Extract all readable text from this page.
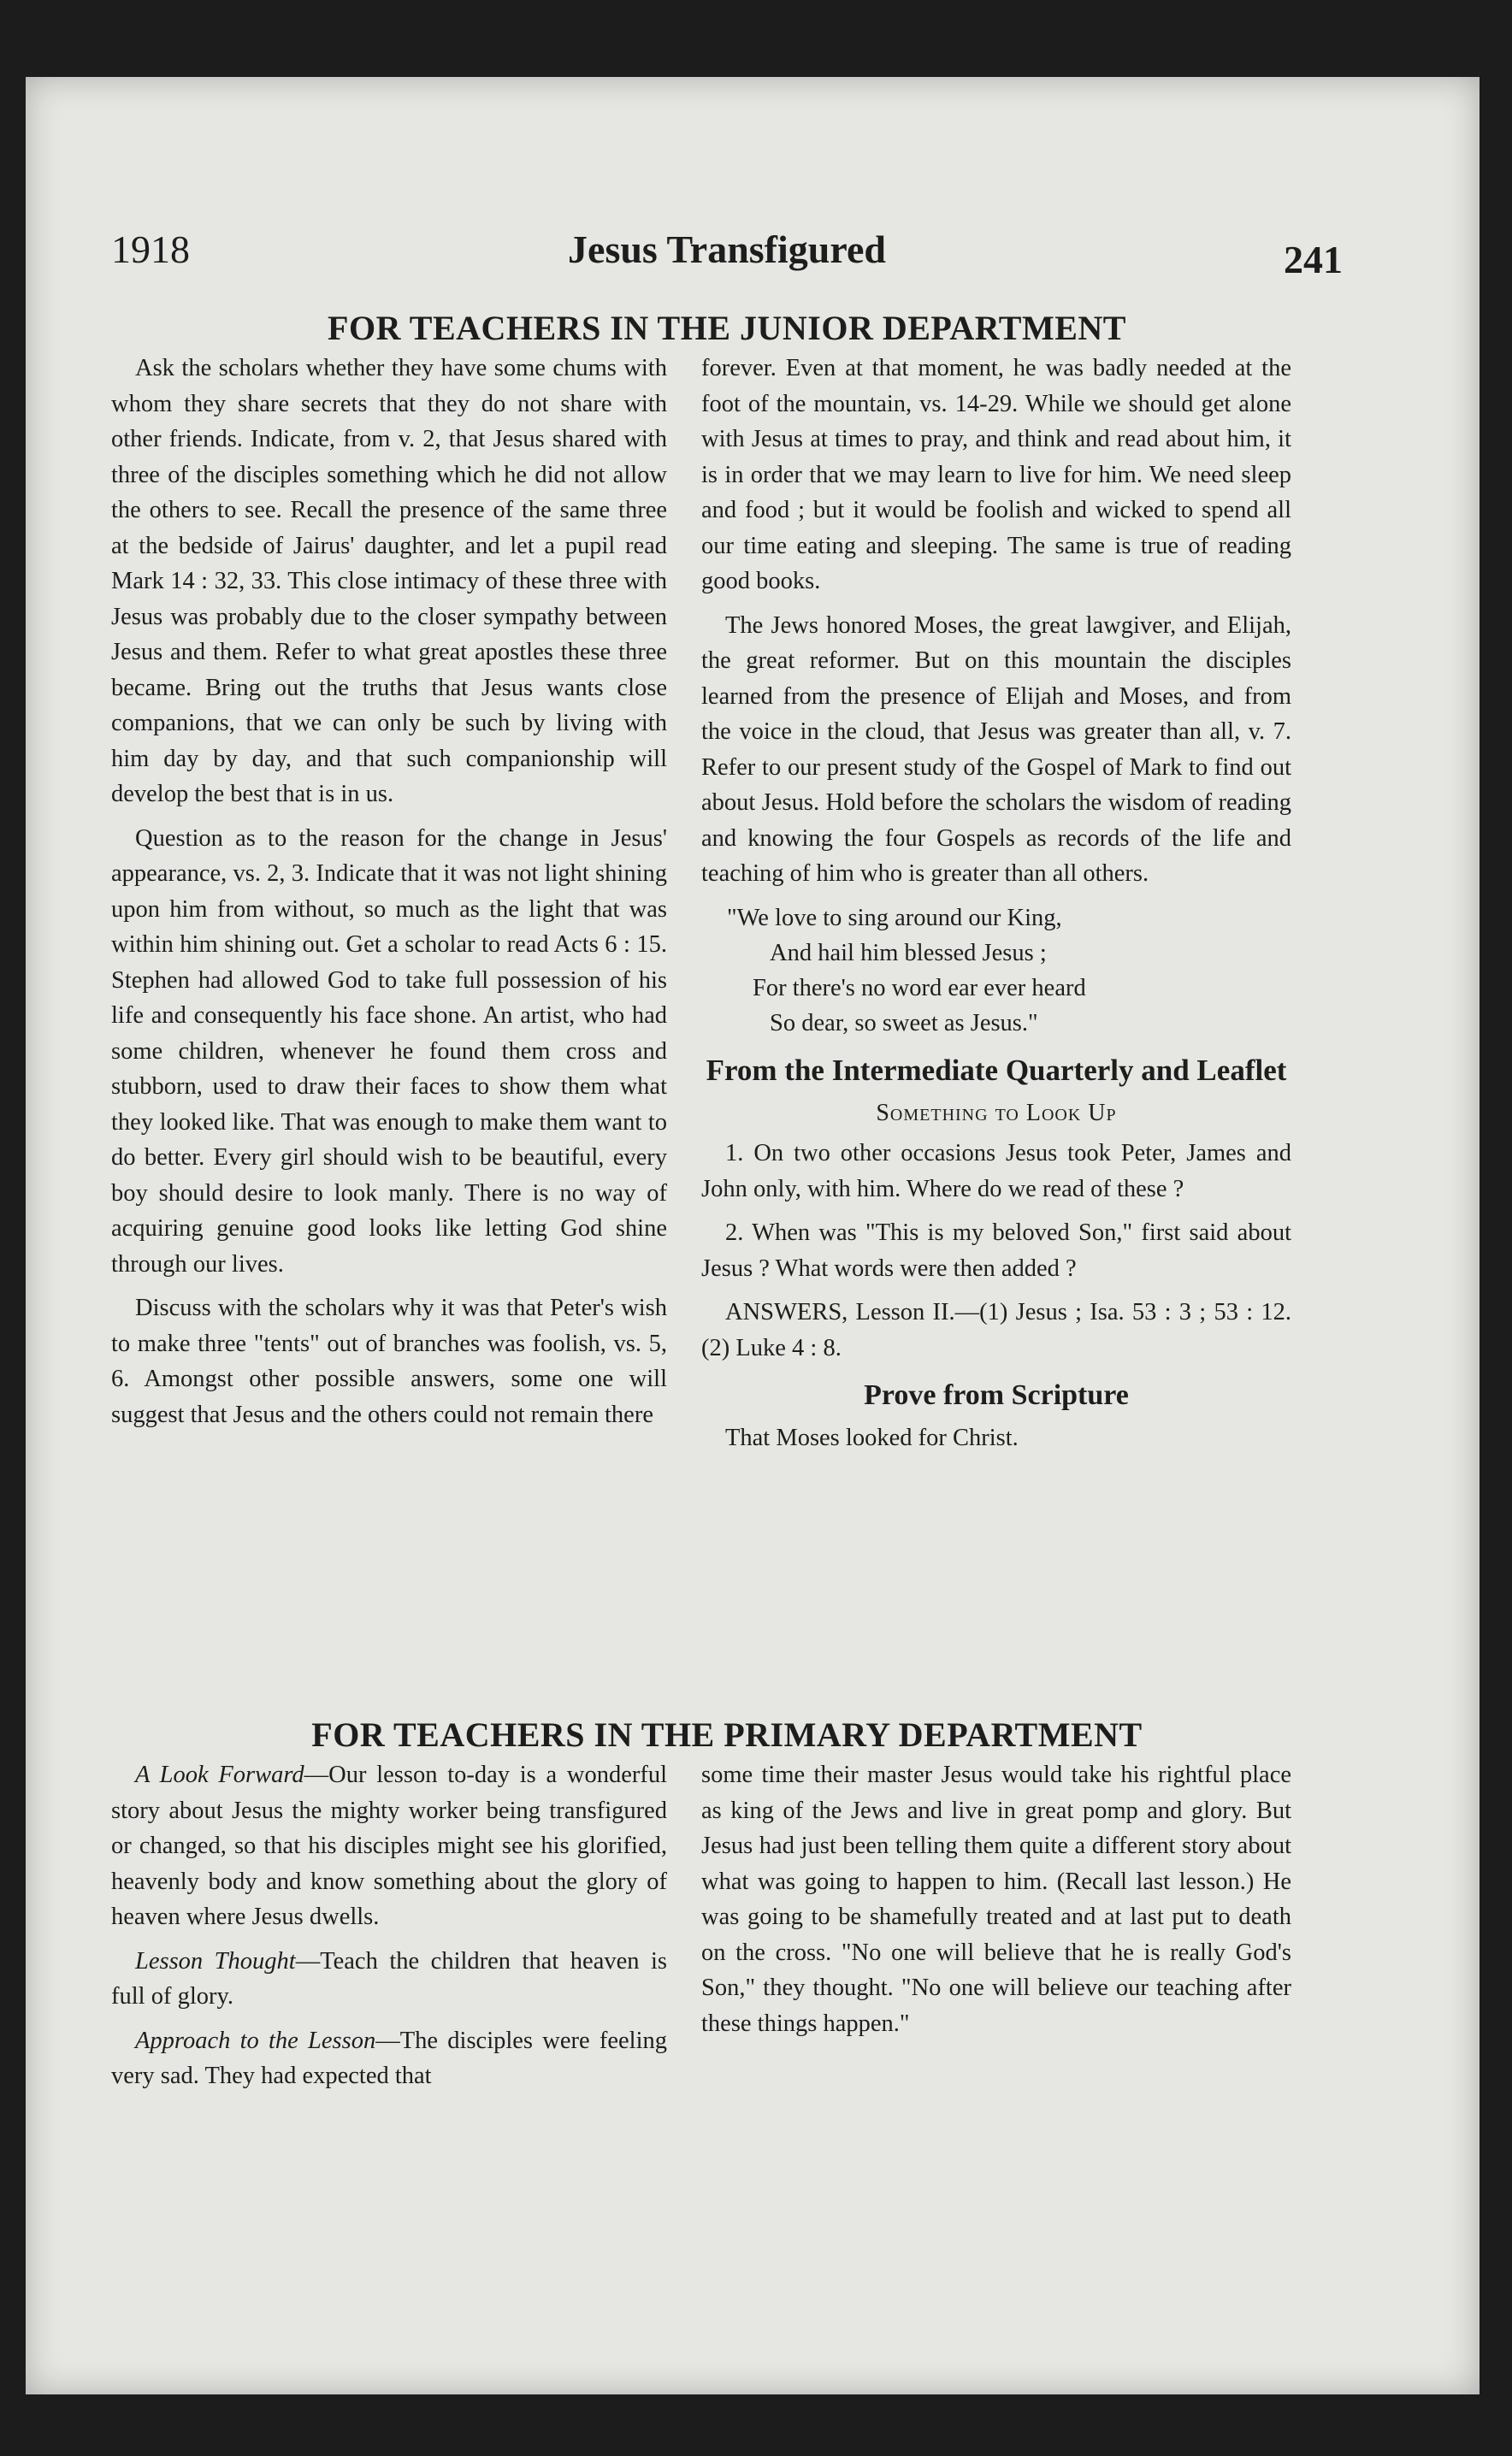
1918	Jesus Transfigured	241
FOR TEACHERS IN THE JUNIOR DEPARTMENT

Ask the scholars whether they have some chums with whom they share secrets that they do not share with other friends. Indicate, from v. 2, that Jesus shared with three of the disciples something which he did not allow the others to see. Recall the presence of the same three at the bedside of Jairus' daughter, and let a pupil read Mark 14 : 32, 33. This close intimacy of these three with Jesus was probably due to the closer sympathy between Jesus and them. Refer to what great apostles these three became. Bring out the truths that Jesus wants close companions, that we can only be such by living with him day by day, and that such companionship will develop the best that is in us.

Question as to the reason for the change in Jesus' appearance, vs. 2, 3. Indicate that it was not light shining upon him from without, so much as the light that was within him shining out. Get a scholar to read Acts 6 : 15. Stephen had allowed God to take full possession of his life and consequently his face shone. An artist, who had some children, whenever he found them cross and stubborn, used to draw their faces to show them what they looked like. That was enough to make them want to do better. Every girl should wish to be beautiful, every boy should desire to look manly. There is no way of acquiring genuine good looks like letting God shine through our lives.

Discuss with the scholars why it was that Peter's wish to make three "tents" out of branches was foolish, vs. 5, 6. Amongst other possible answers, some one will suggest that Jesus and the others could not remain there

forever. Even at that moment, he was badly needed at the foot of the mountain, vs. 14-29. While we should get alone with Jesus at times to pray, and think and read about him, it is in order that we may learn to live for him. We need sleep and food ; but it would be foolish and wicked to spend all our time eating and sleeping. The same is true of reading good books.

The Jews honored Moses, the great lawgiver, and Elijah, the great reformer. But on this mountain the disciples learned from the presence of Elijah and Moses, and from the voice in the cloud, that Jesus was greater than all, v. 7. Refer to our present study of the Gospel of Mark to find out about Jesus. Hold before the scholars the wisdom of reading and knowing the four Gospels as records of the life and teaching of him who is greater than all others.

"We love to sing around our King,
And hail him blessed Jesus ;
For there's no word ear ever heard
So dear, so sweet as Jesus."
From the Intermediate Quarterly and Leaflet
Something to Look Up

1. On two other occasions Jesus took Peter, James and John only, with him. Where do we read of these ?

2. When was "This is my beloved Son," first said about Jesus ? What words were then added ?

ANSWERS, Lesson II.—(1) Jesus ; Isa. 53 : 3 ; 53 : 12. (2) Luke 4 : 8.

Prove from Scripture

That Moses looked for Christ.

FOR TEACHERS IN THE PRIMARY DEPARTMENT

A Look Forward—Our lesson to-day is a wonderful story about Jesus the mighty worker being transfigured or changed, so that his disciples might see his glorified, heavenly body and know something about the glory of heaven where Jesus dwells.

Lesson Thought—Teach the children that heaven is full of glory.

Approach to the Lesson—The disciples were feeling very sad. They had expected that

some time their master Jesus would take his rightful place as king of the Jews and live in great pomp and glory. But Jesus had just been telling them quite a different story about what was going to happen to him. (Recall last lesson.) He was going to be shamefully treated and at last put to death on the cross. "No one will believe that he is really God's Son," they thought. "No one will believe our teaching after these things happen."
